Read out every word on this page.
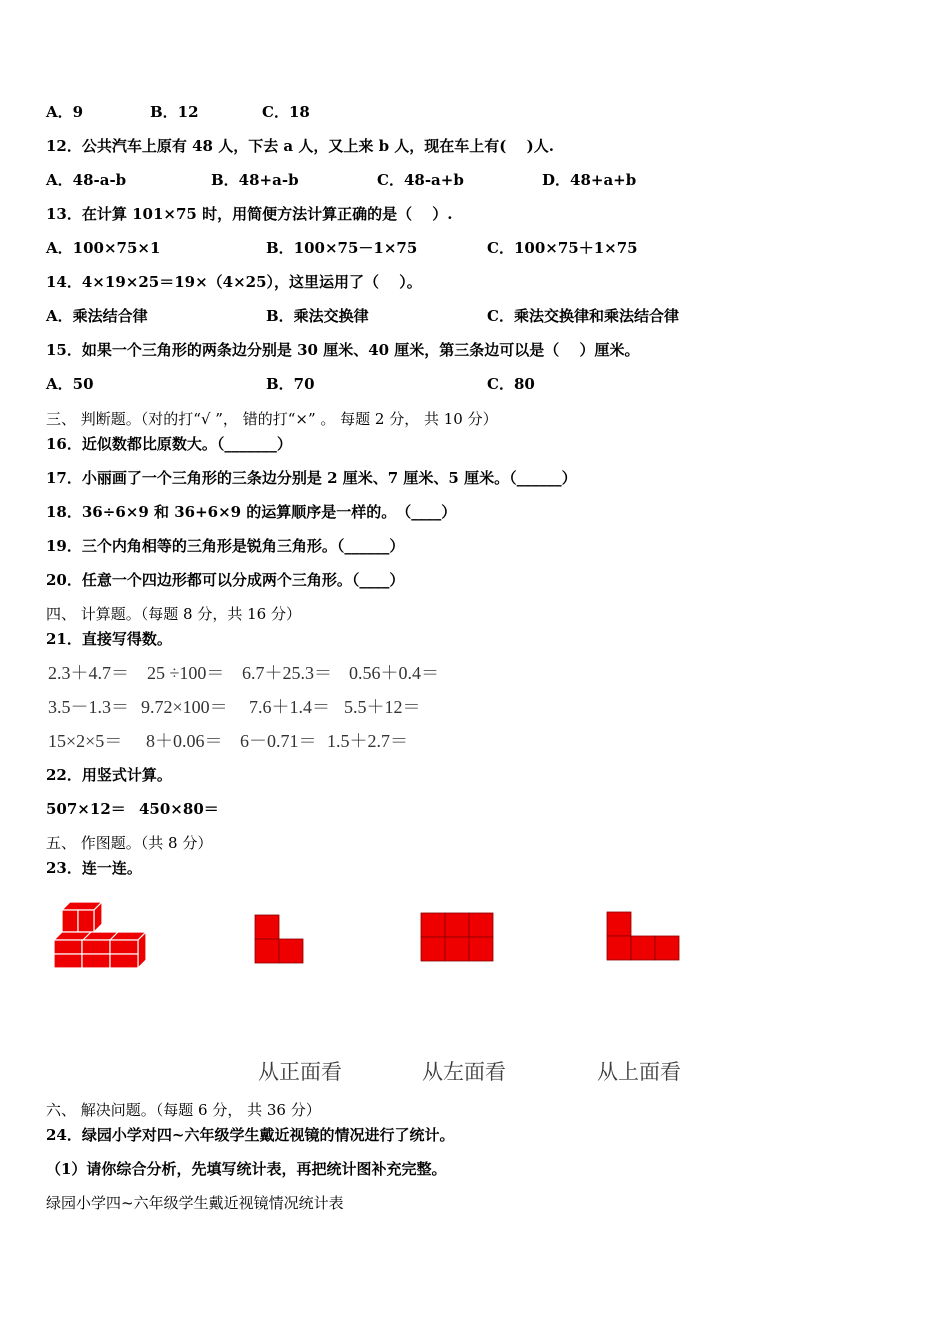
A．9	B．12	C．18
12．公共汽车上原有 48 人，下去 a 人，又上来 b 人，现在车上有(　 )人.
A．48-a-b	B．48+a-b	C．48-a+b	D．48+a+b
13．在计算 101×75 时，用简便方法计算正确的是（　 ）.
A．100×75×1	B．100×75－1×75	C．100×75＋1×75
14．4×19×25＝19×（4×25），这里运用了（　 ）。
A．乘法结合律	B．乘法交换律	C．乘法交换律和乘法结合律
15．如果一个三角形的两条边分别是 30 厘米、40 厘米，第三条边可以是（　 ）厘米。
A．50	B．70	C．80
三、 判断题。（对的打“√ ”， 错的打“×” 。 每题 2 分， 共 10 分）
16．近似数都比原数大。（_______）
17．小丽画了一个三角形的三条边分别是 2 厘米、7 厘米、5 厘米。（______）
18．36÷6×9 和 36+6×9 的运算顺序是一样的。　（____）
19．三个内角相等的三角形是锐角三角形。（______）
20．任意一个四边形都可以分成两个三角形。（____）
四、 计算题。（每题 8 分，共 16 分）
21．直接写得数。
2.3＋4.7＝ 25 ÷100＝ 6.7＋25.3＝ 0.56＋0.4＝
3.5－1.3＝ 9.72×100＝ 7.6＋1.4＝ 5.5＋12＝
15×2×5＝ 8＋0.06＝ 6－0.71＝ 1.5＋2.7＝
22．用竖式计算。
507×12＝ 450×80＝
五、 作图题。（共 8 分）
23．连一连。
从正面看	从左面看	从上面看
六、 解决问题。（每题 6 分， 共 36 分）
24．绿园小学对四~六年级学生戴近视镜的情况进行了统计。
（1）请你综合分析，先填写统计表，再把统计图补充完整。
绿园小学四~六年级学生戴近视镜情况统计表
